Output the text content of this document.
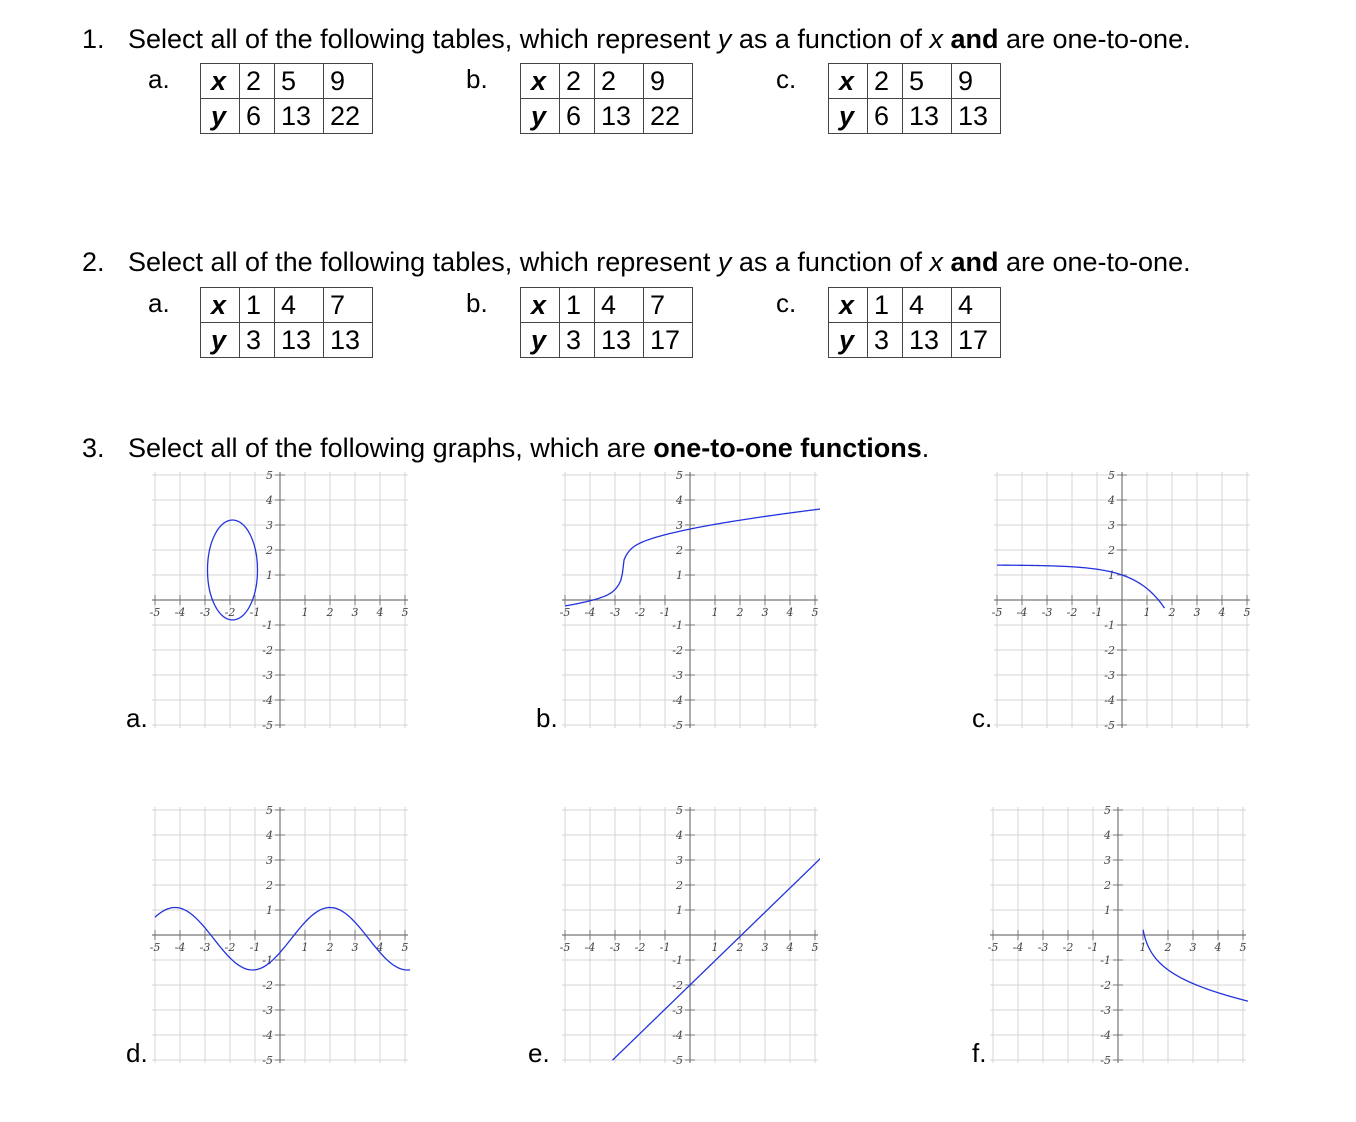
1. Select all of the following tables, which represent y as a function of x and are one-to-one.
a. x	2	5	9
y	6	13	22
b. x	2	2	9
y	6	13	22
c. x	2	5	9
y	6	13	13
2. Select all of the following tables, which represent y as a function of x and are one-to-one.
a. x	1	4	7
y	3	13	13
b. x	1	4	7
y	3	13	17
c. x	1	4	4
y	3	13	17
3. Select all of the following graphs, which are one-to-one functions.
-5 -4 -3 -2 -1	1 2 3 4 5
5
4
3
2
1
-1
-2
-3
-4
-5
a.
-5 -4 -3 -2 -1	1 2 3 4 5
5
4
3
2
1
-1
-2
-3
-4
-5
b.
-5 -4 -3 -2 -1	1 2 3 4 5
5
4
3
2
1
-1
-2
-3
-4
-5
c.
-5 -4 -3 -2 -1	1 2 3 4 5
5
4
3
2
1
-1
-2
-3
-4
-5
d.
-5 -4 -3 -2 -1	1 2 3 4 5
5
4
3
2
1
-1
-2
-3
-4
-5
e.
-5 -4 -3 -2 -1	1 2 3 4 5
5
4
3
2
1
-1
-2
-3
-4
-5
f.
